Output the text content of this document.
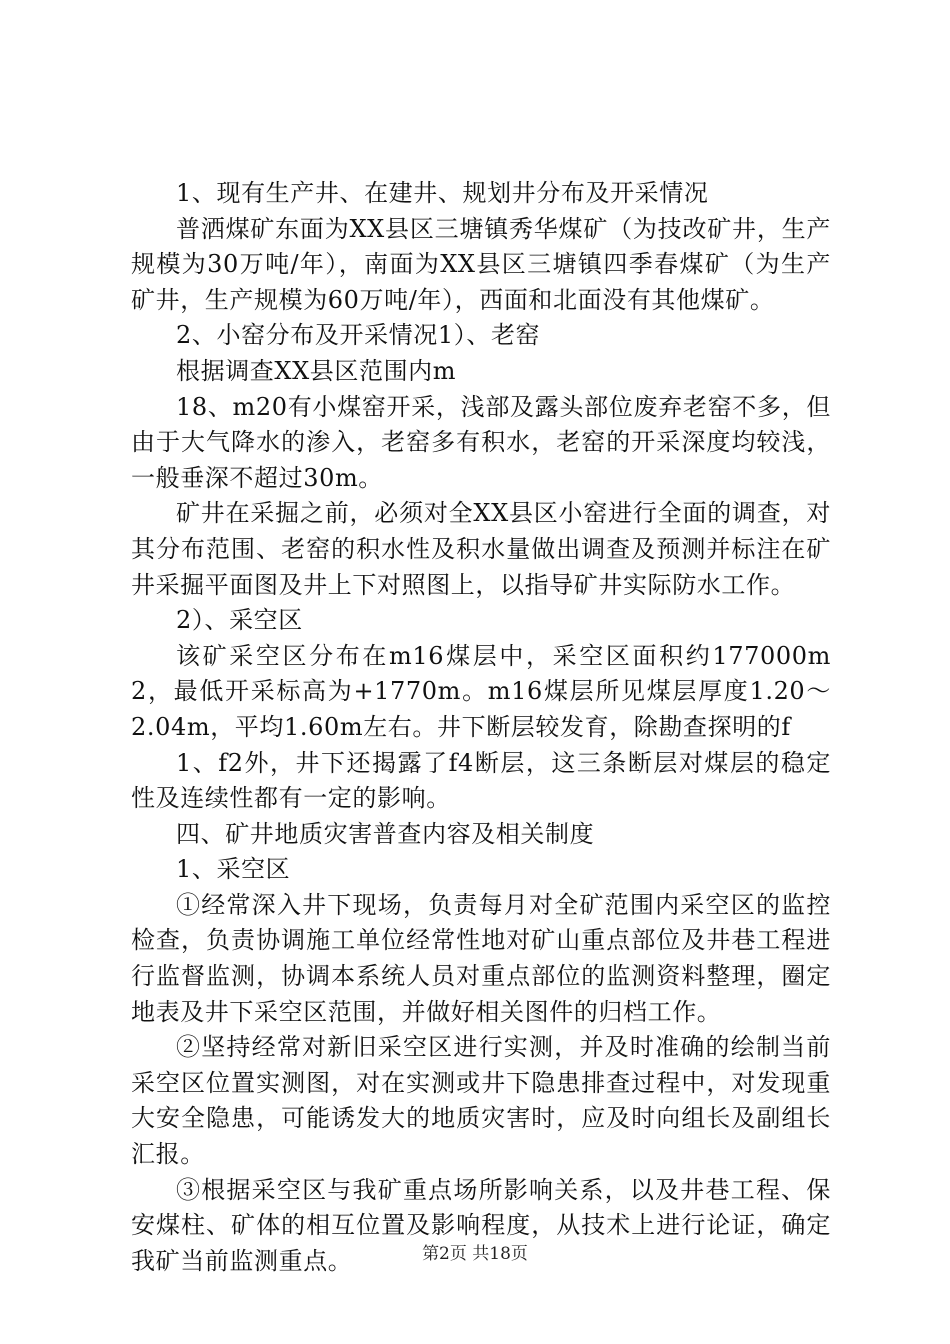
1、现有生产井、在建井、规划井分布及开采情况

普洒煤矿东面为XX县区三塘镇秀华煤矿（为技改矿井，生产规模为30万吨/年），南面为XX县区三塘镇四季春煤矿（为生产矿井，生产规模为60万吨/年），西面和北面没有其他煤矿。

2、小窑分布及开采情况1）、老窑

根据调查XX县区范围内m

18、m20有小煤窑开采，浅部及露头部位废弃老窑不多，但由于大气降水的渗入，老窑多有积水，老窑的开采深度均较浅，一般垂深不超过30m。

矿井在采掘之前，必须对全XX县区小窑进行全面的调查，对其分布范围、老窑的积水性及积水量做出调查及预测并标注在矿井采掘平面图及井上下对照图上，以指导矿井实际防水工作。

2）、采空区

该矿采空区分布在m16煤层中，采空区面积约177000m2，最低开采标高为+1770m。m16煤层所见煤层厚度1.20～2.04m，平均1.60m左右。井下断层较发育，除勘查探明的f

1、f2外，井下还揭露了f4断层，这三条断层对煤层的稳定性及连续性都有一定的影响。

四、矿井地质灾害普查内容及相关制度

1、采空区

①经常深入井下现场，负责每月对全矿范围内采空区的监控检查，负责协调施工单位经常性地对矿山重点部位及井巷工程进行监督监测，协调本系统人员对重点部位的监测资料整理，圈定地表及井下采空区范围，并做好相关图件的归档工作。

②坚持经常对新旧采空区进行实测，并及时准确的绘制当前采空区位置实测图，对在实测或井下隐患排查过程中，对发现重大安全隐患，可能诱发大的地质灾害时，应及时向组长及副组长汇报。

③根据采空区与我矿重点场所影响关系，以及井巷工程、保安煤柱、矿体的相互位置及影响程度，从技术上进行论证，确定我矿当前监测重点。	第2页 共18页
